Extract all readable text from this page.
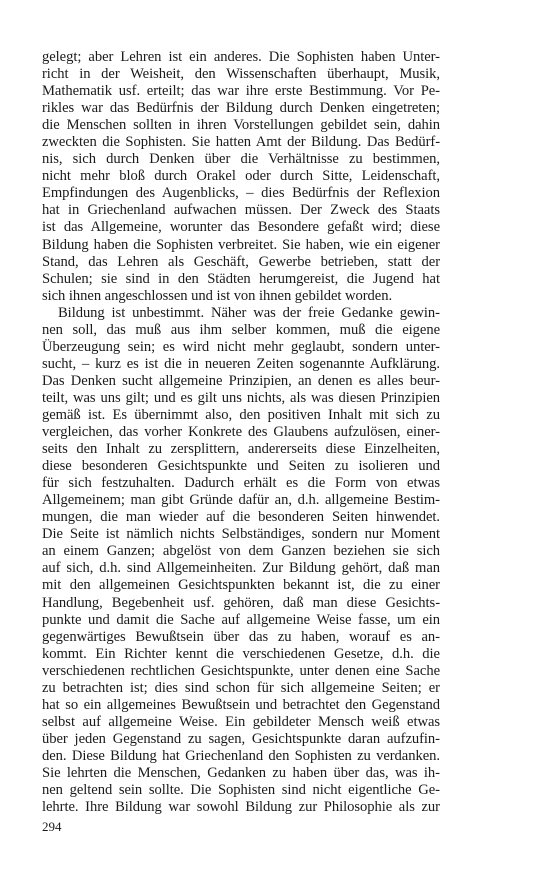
gelegt; aber Lehren ist ein anderes. Die Sophisten haben Unter-
richt in der Weisheit, den Wissenschaften überhaupt, Musik,
Mathematik usf. erteilt; das war ihre erste Bestimmung. Vor Pe-
rikles war das Bedürfnis der Bildung durch Denken eingetreten;
die Menschen sollten in ihren Vorstellungen gebildet sein, dahin
zweckten die Sophisten. Sie hatten Amt der Bildung. Das Bedürf-
nis, sich durch Denken über die Verhältnisse zu bestimmen,
nicht mehr bloß durch Orakel oder durch Sitte, Leidenschaft,
Empfindungen des Augenblicks, – dies Bedürfnis der Reflexion
hat in Griechenland aufwachen müssen. Der Zweck des Staats
ist das Allgemeine, worunter das Besondere gefaßt wird; diese
Bildung haben die Sophisten verbreitet. Sie haben, wie ein eigener
Stand, das Lehren als Geschäft, Gewerbe betrieben, statt der
Schulen; sie sind in den Städten herumgereist, die Jugend hat
sich ihnen angeschlossen und ist von ihnen gebildet worden.
Bildung ist unbestimmt. Näher was der freie Gedanke gewin-
nen soll, das muß aus ihm selber kommen, muß die eigene
Überzeugung sein; es wird nicht mehr geglaubt, sondern unter-
sucht, – kurz es ist die in neueren Zeiten sogenannte Aufklärung.
Das Denken sucht allgemeine Prinzipien, an denen es alles beur-
teilt, was uns gilt; und es gilt uns nichts, als was diesen Prinzipien
gemäß ist. Es übernimmt also, den positiven Inhalt mit sich zu
vergleichen, das vorher Konkrete des Glaubens aufzulösen, einer-
seits den Inhalt zu zersplittern, andererseits diese Einzelheiten,
diese besonderen Gesichtspunkte und Seiten zu isolieren und
für sich festzuhalten. Dadurch erhält es die Form von etwas
Allgemeinem; man gibt Gründe dafür an, d.h. allgemeine Bestim-
mungen, die man wieder auf die besonderen Seiten hinwendet.
Die Seite ist nämlich nichts Selbständiges, sondern nur Moment
an einem Ganzen; abgelöst von dem Ganzen beziehen sie sich
auf sich, d.h. sind Allgemeinheiten. Zur Bildung gehört, daß man
mit den allgemeinen Gesichtspunkten bekannt ist, die zu einer
Handlung, Begebenheit usf. gehören, daß man diese Gesichts-
punkte und damit die Sache auf allgemeine Weise fasse, um ein
gegenwärtiges Bewußtsein über das zu haben, worauf es an-
kommt. Ein Richter kennt die verschiedenen Gesetze, d.h. die
verschiedenen rechtlichen Gesichtspunkte, unter denen eine Sache
zu betrachten ist; dies sind schon für sich allgemeine Seiten; er
hat so ein allgemeines Bewußtsein und betrachtet den Gegenstand
selbst auf allgemeine Weise. Ein gebildeter Mensch weiß etwas
über jeden Gegenstand zu sagen, Gesichtspunkte daran aufzufin-
den. Diese Bildung hat Griechenland den Sophisten zu verdanken.
Sie lehrten die Menschen, Gedanken zu haben über das, was ih-
nen geltend sein sollte. Die Sophisten sind nicht eigentliche Ge-
lehrte. Ihre Bildung war sowohl Bildung zur Philosophie als zur
294
